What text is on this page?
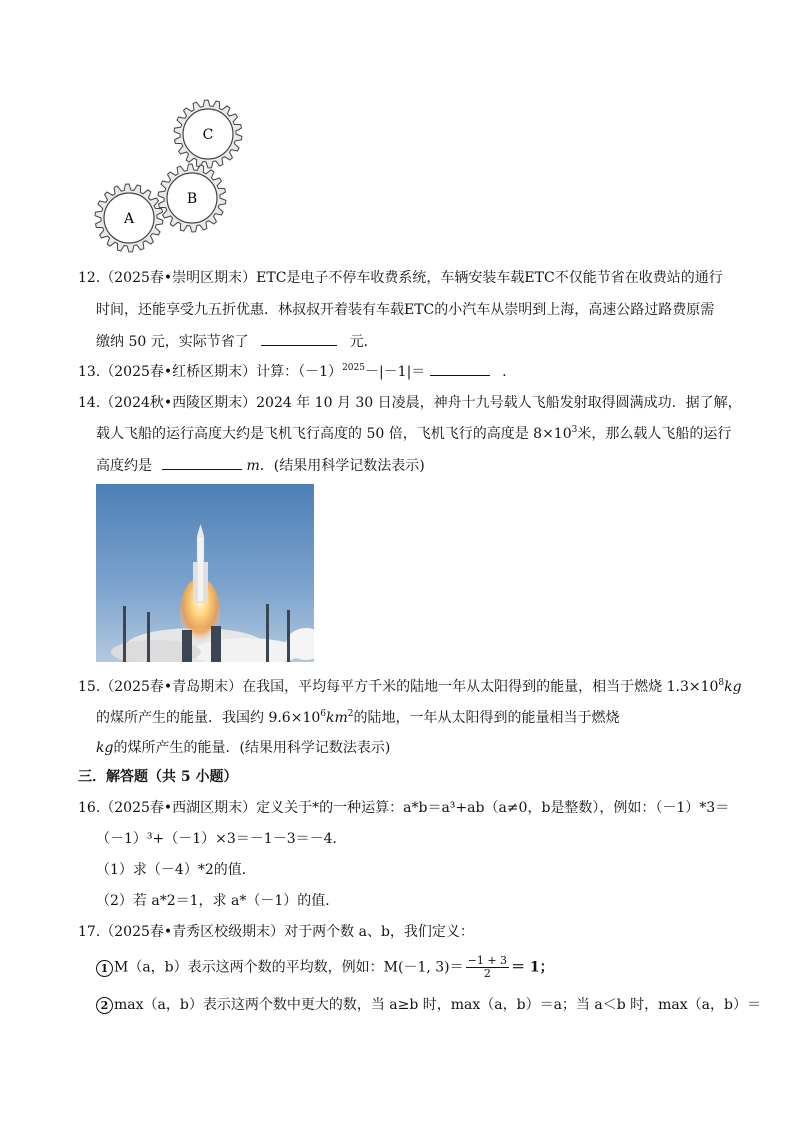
C
B
A
12.（2025春•崇明区期末）ETC是电子不停车收费系统，车辆安装车载ETC不仅能节省在收费站的通行
时间，还能享受九五折优惠．林叔叔开着装有车载ETC的小汽车从崇明到上海，高速公路过路费原需
缴纳 50 元，实际节省了	元．
13.（2025春•红桥区期末）计算：$(-1)^{2025}-|-1|=$	．
14.（2024秋•西陵区期末）2024 年 10 月 30 日凌晨，神舟十九号载人飞船发射取得圆满成功．据了解，
载人飞船的运行高度大约是飞机飞行高度的 50 倍，飞机飞行的高度是 $8\times 10^3$米，那么载人飞船的运行
高度约是	m．(结果用科学记数法表示)
15.（2025春•青岛期末）在我国，平均每平方千米的陆地一年从太阳得到的能量，相当于燃烧 $1.3\times 10^8kg$
的煤所产生的能量．我国约 $9.6\times 10^6km^2$的陆地，一年从太阳得到的能量相当于燃烧
kg的煤所产生的能量．(结果用科学记数法表示)
三．解答题（共 5 小题）
16.（2025春•西湖区期末）定义关于*的一种运算：a*b＝a³+ab（a≠0，b是整数），例如：（－1）*3＝
（－1）³+（－1）×3＝－1－3＝－4．
（1）求（－4）*2的值．
（2）若 a*2＝1，求 a*（－1）的值．
17.（2025春•青秀区校级期末）对于两个数 a、b，我们定义：
1 M（a，b）表示这两个数的平均数，例如：M(－1, $3)= \frac{-1 + 3}{2} = 1$；
2 max（a，b）表示这两个数中更大的数，当 a≥b 时，max（a，b）＝a；当 a＜b 时，max（a，b）＝
